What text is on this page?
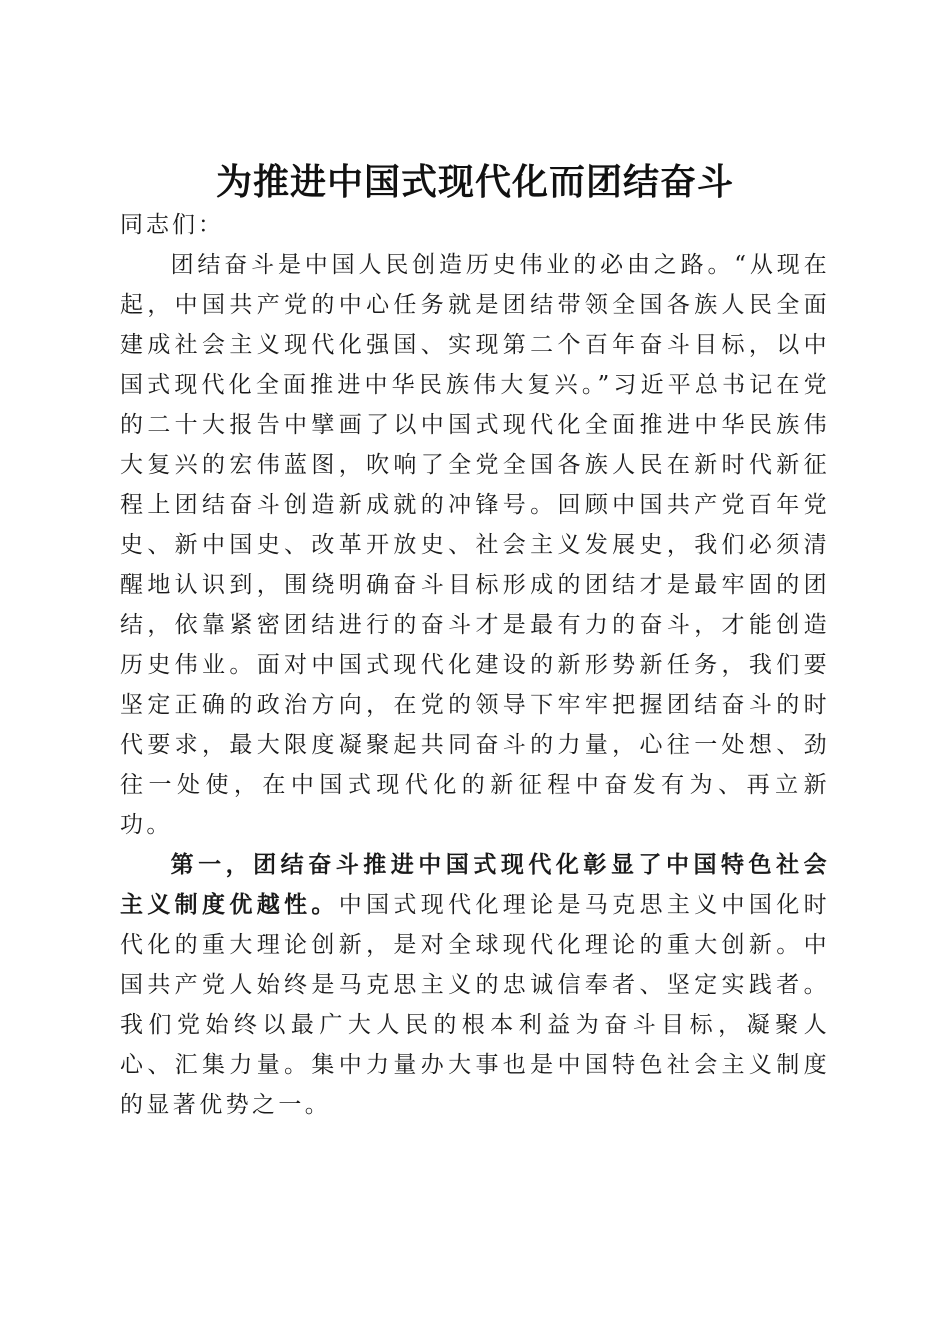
为推进中国式现代化而团结奋斗

同志们：

团结奋斗是中国人民创造历史伟业的必由之路。“从现在起，中国共产党的中心任务就是团结带领全国各族人民全面建成社会主义现代化强国、实现第二个百年奋斗目标，以中国式现代化全面推进中华民族伟大复兴。”习近平总书记在党的二十大报告中擘画了以中国式现代化全面推进中华民族伟大复兴的宏伟蓝图，吹响了全党全国各族人民在新时代新征程上团结奋斗创造新成就的冲锋号。回顾中国共产党百年党史、新中国史、改革开放史、社会主义发展史，我们必须清醒地认识到，围绕明确奋斗目标形成的团结才是最牢固的团结，依靠紧密团结进行的奋斗才是最有力的奋斗，才能创造历史伟业。面对中国式现代化建设的新形势新任务，我们要坚定正确的政治方向，在党的领导下牢牢把握团结奋斗的时代要求，最大限度凝聚起共同奋斗的力量，心往一处想、劲往一处使，在中国式现代化的新征程中奋发有为、再立新功。

第一，团结奋斗推进中国式现代化彰显了中国特色社会主义制度优越性。中国式现代化理论是马克思主义中国化时代化的重大理论创新，是对全球现代化理论的重大创新。中国共产党人始终是马克思主义的忠诚信奉者、坚定实践者。我们党始终以最广大人民的根本利益为奋斗目标，凝聚人心、汇集力量。集中力量办大事也是中国特色社会主义制度的显著优势之一。
